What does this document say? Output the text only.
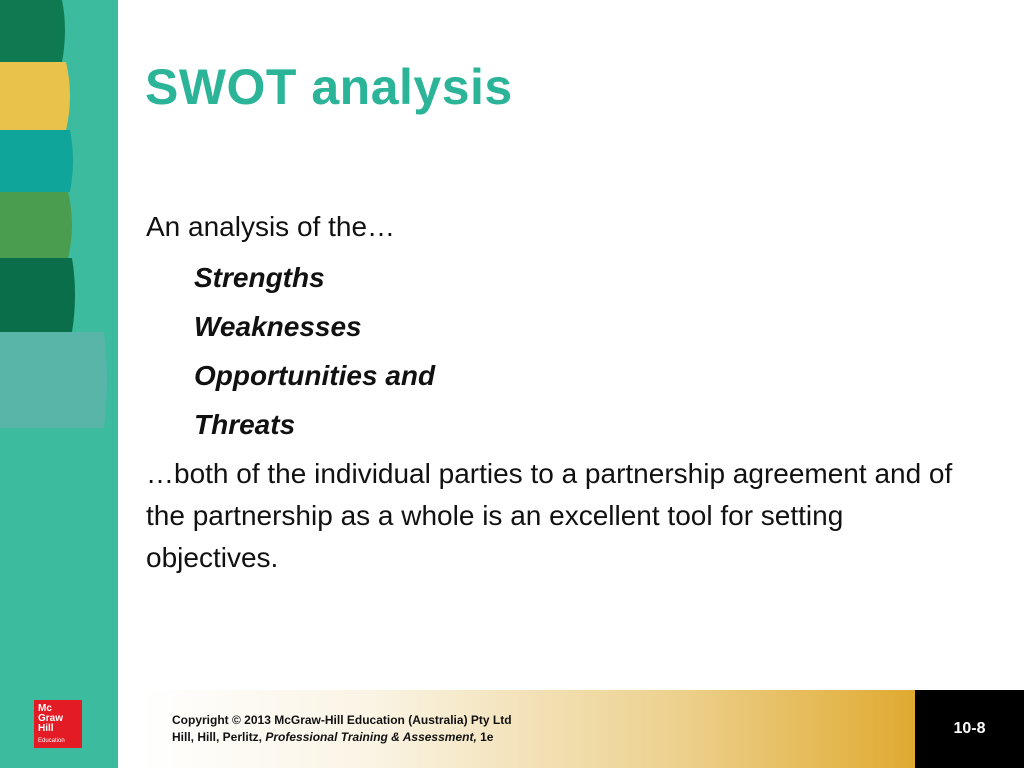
SWOT analysis

An analysis of the…

Strengths
Weaknesses
Opportunities and
Threats

…both of the individual parties to a partnership agreement and of the partnership as a whole is an excellent tool for setting objectives.

Mc
Graw
Hill
Education
Copyright © 2013 McGraw-Hill Education (Australia) Pty Ltd
Hill, Hill, Perlitz, Professional Training & Assessment, 1e	10-8
